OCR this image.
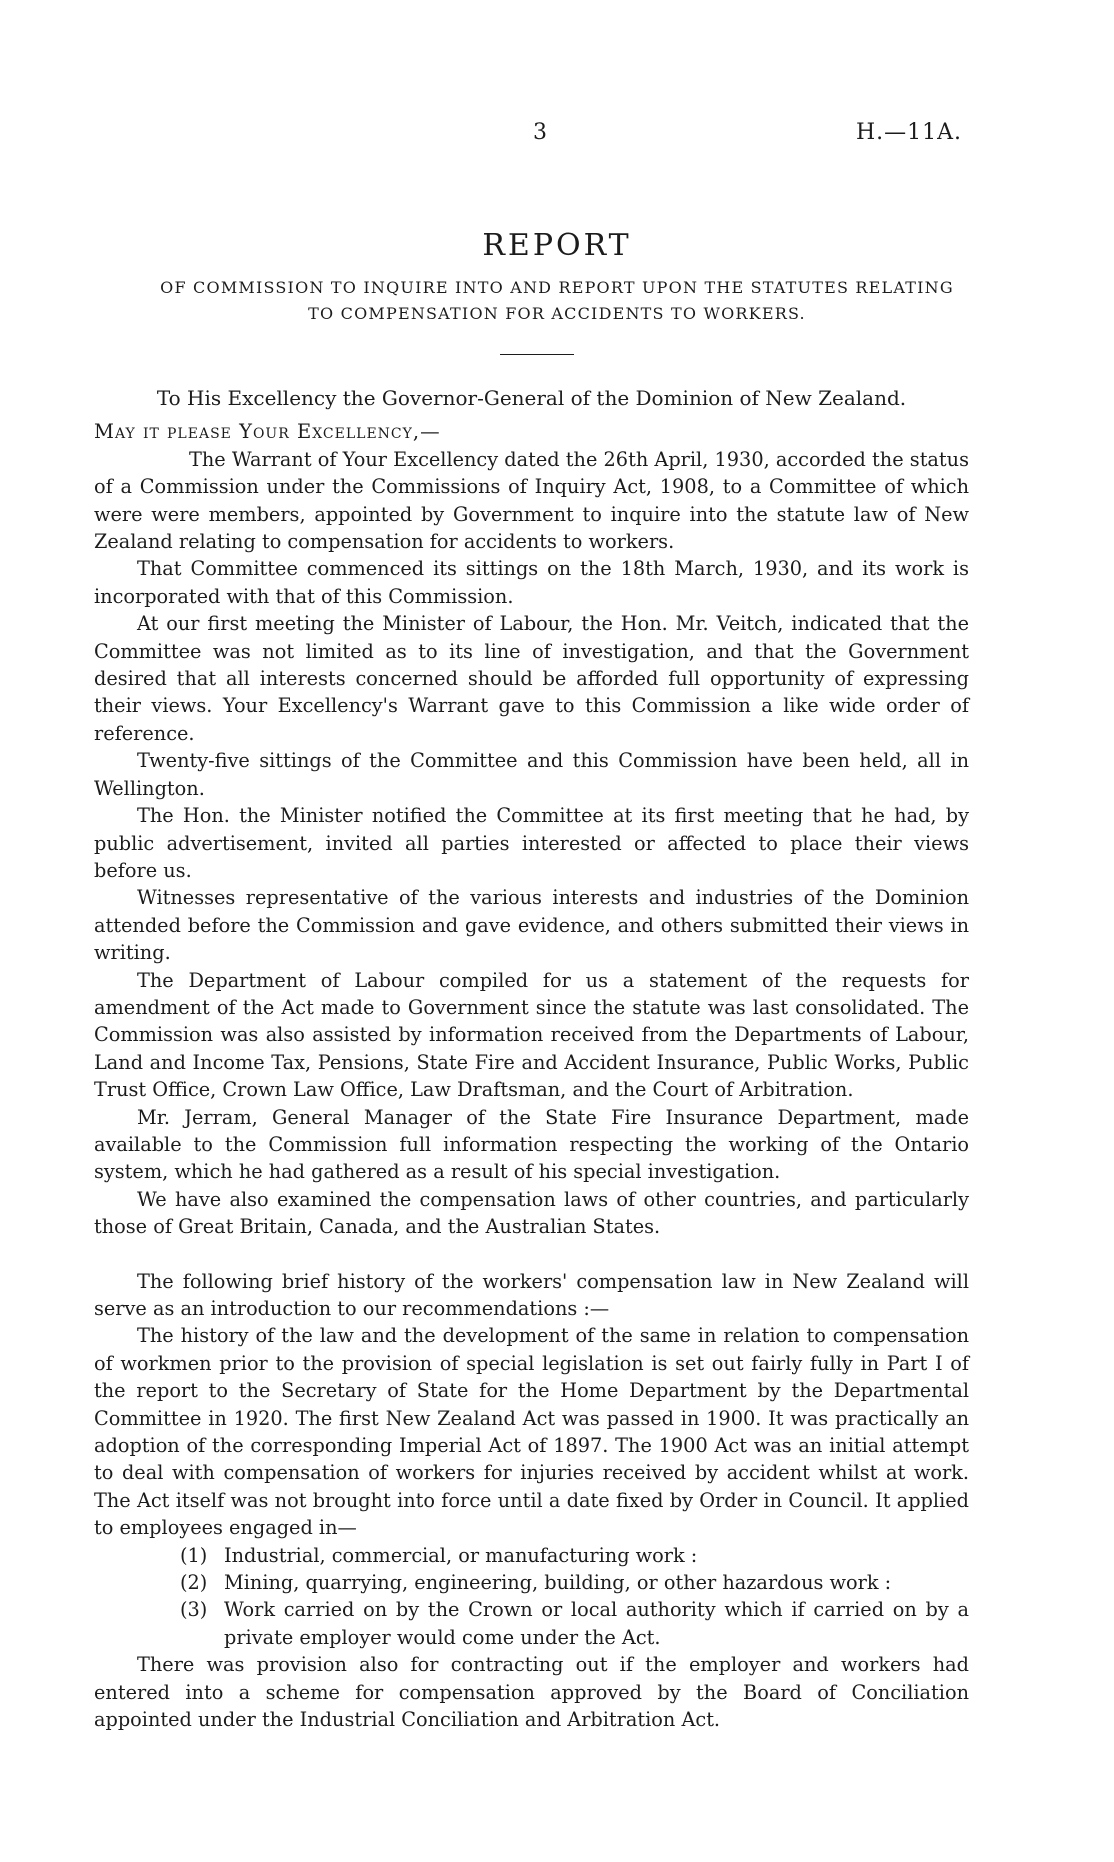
3	H.—11A.
REPORT
OF COMMISSION TO INQUIRE INTO AND REPORT UPON THE STATUTES RELATING
TO COMPENSATION FOR ACCIDENTS TO WORKERS.

To His Excellency the Governor-General of the Dominion of New Zealand.

May it please Your Excellency,—

The Warrant of Your Excellency dated the 26th April, 1930, accorded the status of a Commission under the Commissions of Inquiry Act, 1908, to a Committee of which were were members, appointed by Government to inquire into the statute law of New Zealand relating to compensation for accidents to workers.

That Committee commenced its sittings on the 18th March, 1930, and its work is incorporated with that of this Commission.

At our first meeting the Minister of Labour, the Hon. Mr. Veitch, indicated that the Committee was not limited as to its line of investigation, and that the Government desired that all interests concerned should be afforded full opportunity of expressing their views. Your Excellency's Warrant gave to this Commission a like wide order of reference.

Twenty-five sittings of the Committee and this Commission have been held, all in Wellington.

The Hon. the Minister notified the Committee at its first meeting that he had, by public advertisement, invited all parties interested or affected to place their views before us.

Witnesses representative of the various interests and industries of the Dominion attended before the Commission and gave evidence, and others submitted their views in writing.

The Department of Labour compiled for us a statement of the requests for amendment of the Act made to Government since the statute was last consolidated. The Commission was also assisted by information received from the Departments of Labour, Land and Income Tax, Pensions, State Fire and Accident Insurance, Public Works, Public Trust Office, Crown Law Office, Law Draftsman, and the Court of Arbitration.

Mr. Jerram, General Manager of the State Fire Insurance Department, made available to the Commission full information respecting the working of the Ontario system, which he had gathered as a result of his special investigation.

We have also examined the compensation laws of other countries, and particularly those of Great Britain, Canada, and the Australian States.

The following brief history of the workers' compensation law in New Zealand will serve as an introduction to our recommendations :—

The history of the law and the development of the same in relation to compensation of workmen prior to the provision of special legislation is set out fairly fully in Part I of the report to the Secretary of State for the Home Department by the Departmental Committee in 1920. The first New Zealand Act was passed in 1900. It was practically an adoption of the corresponding Imperial Act of 1897. The 1900 Act was an initial attempt to deal with compensation of workers for injuries received by accident whilst at work. The Act itself was not brought into force until a date fixed by Order in Council. It applied to employees engaged in—

(1) Industrial, commercial, or manufacturing work :
(2) Mining, quarrying, engineering, building, or other hazardous work :
(3) Work carried on by the Crown or local authority which if carried on by a private employer would come under the Act.

There was provision also for contracting out if the employer and workers had entered into a scheme for compensation approved by the Board of Conciliation appointed under the Industrial Conciliation and Arbitration Act.
